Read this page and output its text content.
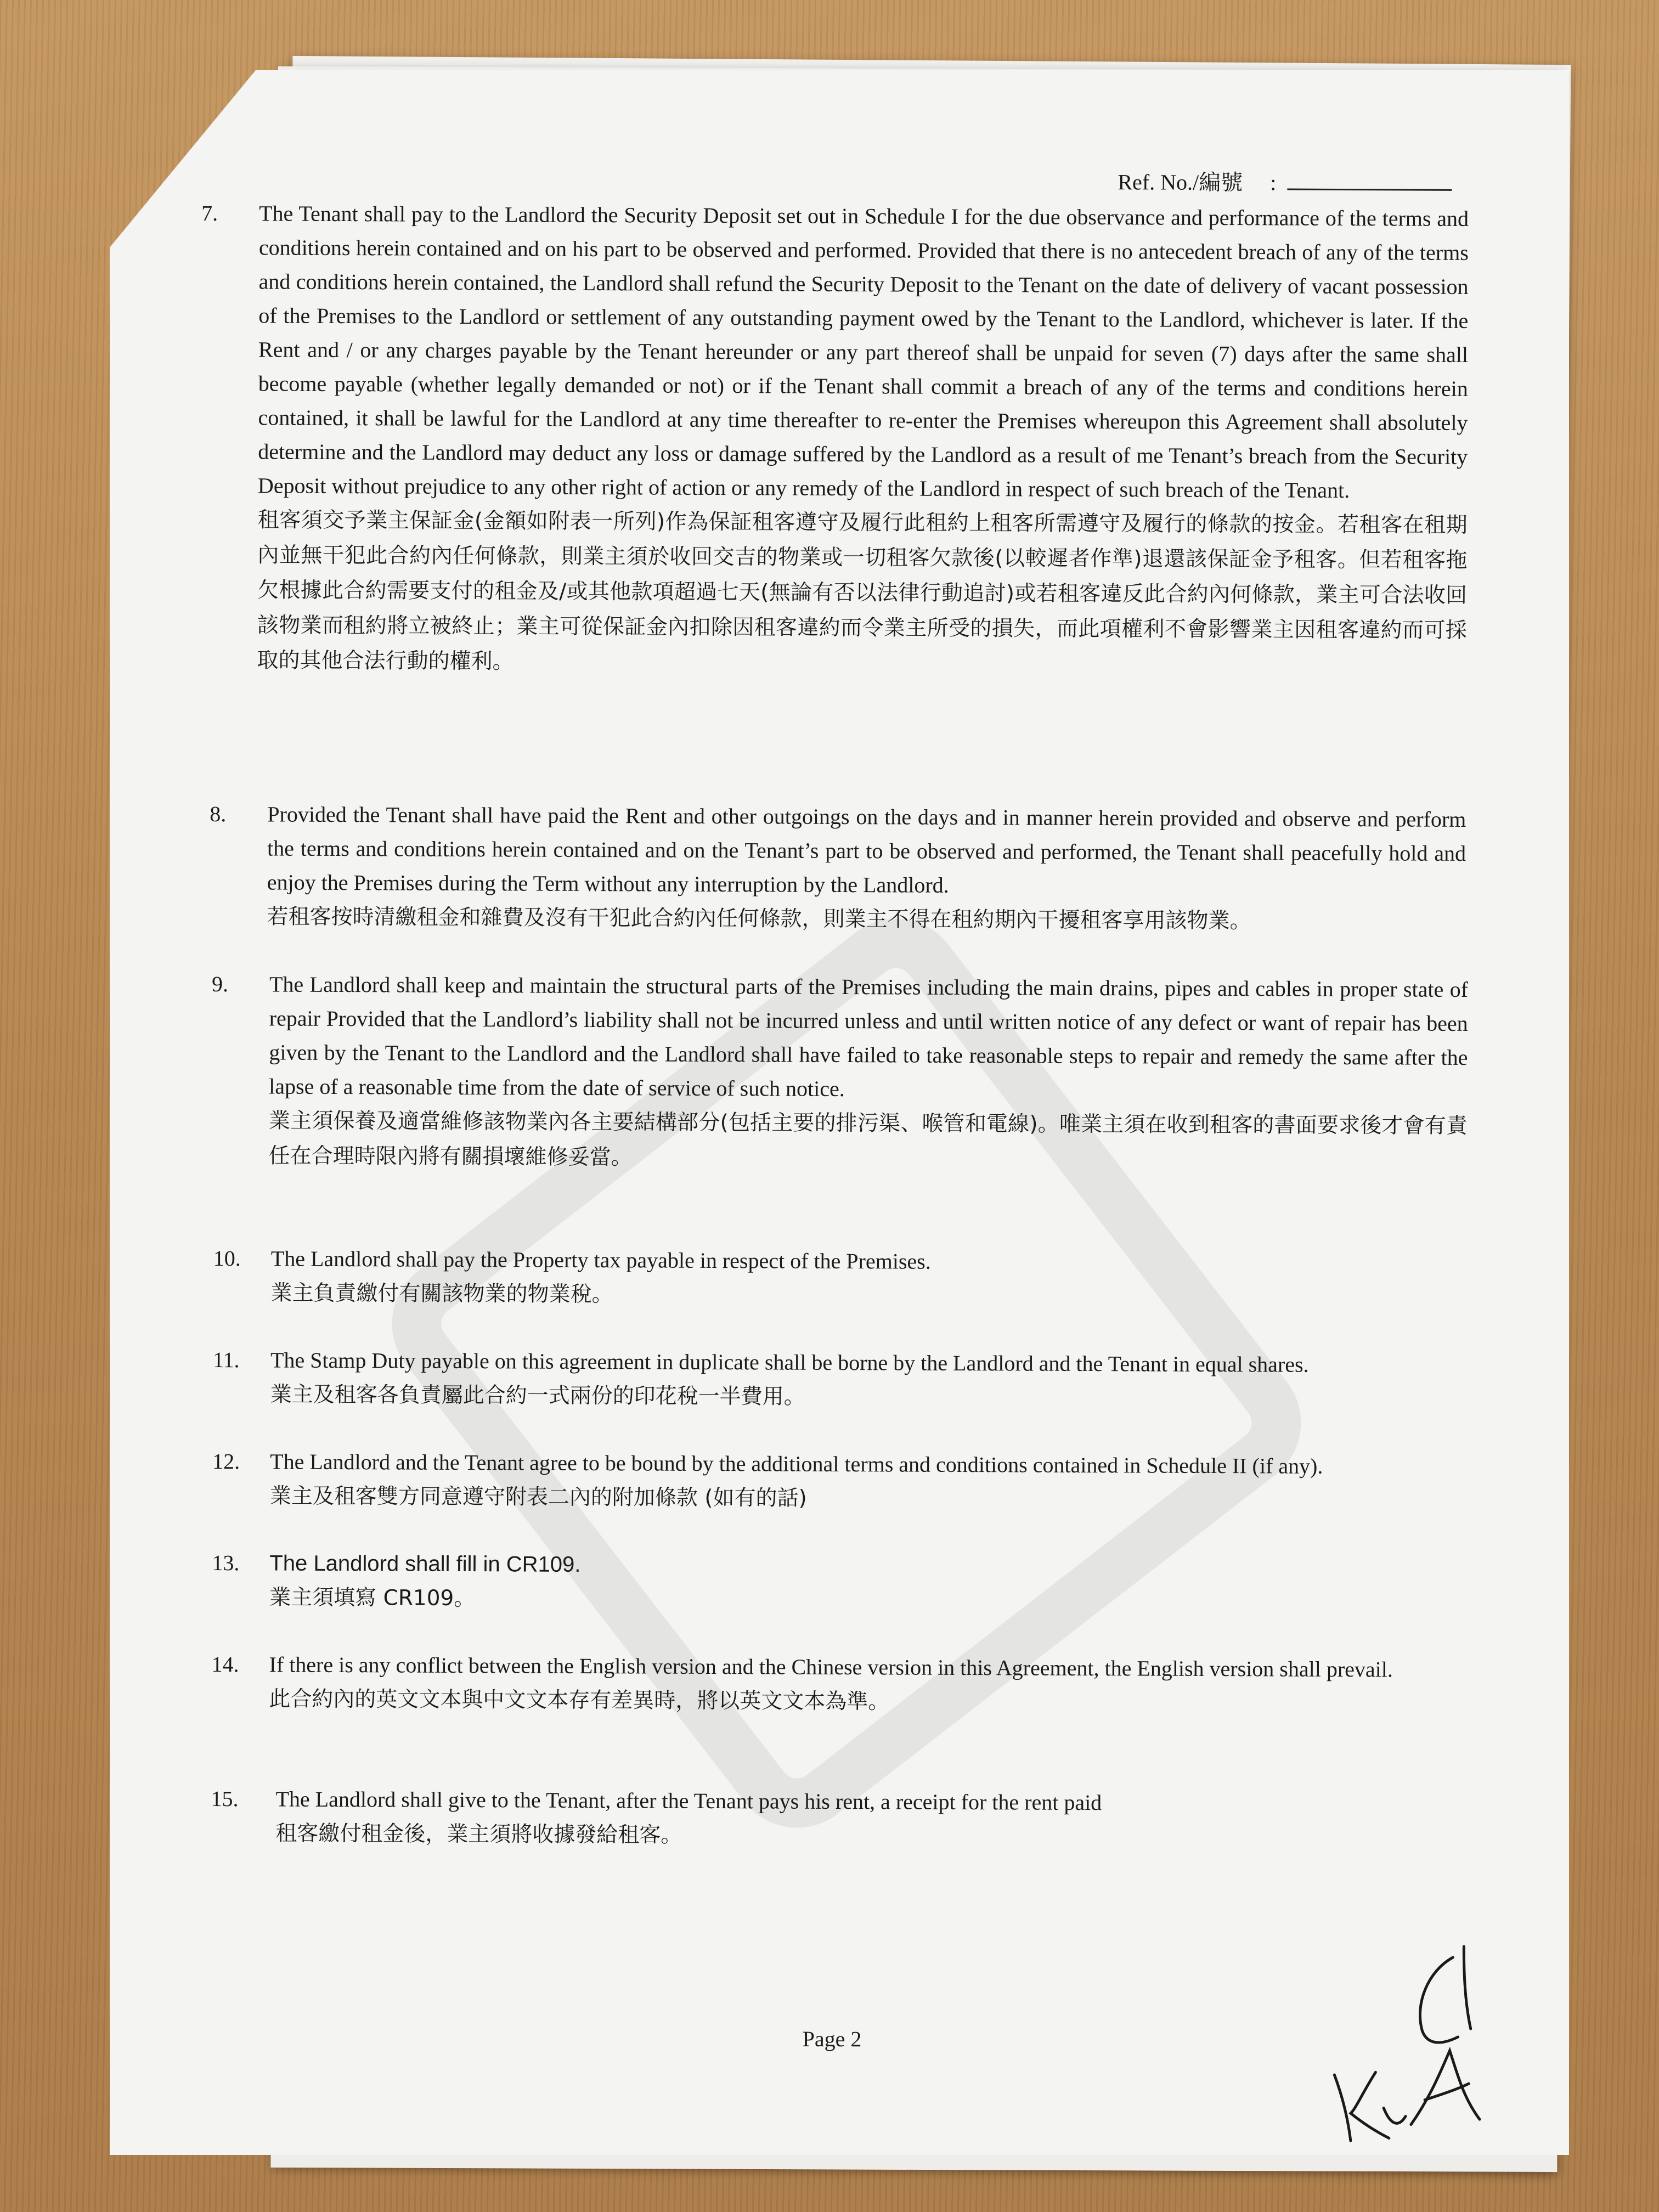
Ref. No./編號 :
7. The Tenant shall pay to the Landlord the Security Deposit set out in Schedule I for the due observance and performance of the terms and conditions herein contained and on his part to be observed and performed. Provided that there is no antecedent breach of any of the terms and conditions herein contained, the Landlord shall refund the Security Deposit to the Tenant on the date of delivery of vacant possession of the Premises to the Landlord or settlement of any outstanding payment owed by the Tenant to the Landlord, whichever is later. If the Rent and / or any charges payable by the Tenant hereunder or any part thereof shall be unpaid for seven (7) days after the same shall become payable (whether legally demanded or not) or if the Tenant shall commit a breach of any of the terms and conditions herein contained, it shall be lawful for the Landlord at any time thereafter to re-enter the Premises whereupon this Agreement shall absolutely determine and the Landlord may deduct any loss or damage suffered by the Landlord as a result of me Tenant’s breach from the Security Deposit without prejudice to any other right of action or any remedy of the Landlord in respect of such breach of the Tenant.
租客須交予業主保証金(金額如附表一所列)作為保証租客遵守及履行此租約上租客所需遵守及履行的條款的按金。若租客在租期內並無干犯此合約內任何條款，則業主須於收回交吉的物業或一切租客欠款後(以較遲者作準)退還該保証金予租客。但若租客拖欠根據此合約需要支付的租金及/或其他款項超過七天(無論有否以法律行動追討)或若租客違反此合約內何條款，業主可合法收回該物業而租約將立被終止；業主可從保証金內扣除因租客違約而令業主所受的損失，而此項權利不會影響業主因租客違約而可採取的其他合法行動的權利。
8. Provided the Tenant shall have paid the Rent and other outgoings on the days and in manner herein provided and observe and perform the terms and conditions herein contained and on the Tenant’s part to be observed and performed, the Tenant shall peacefully hold and enjoy the Premises during the Term without any interruption by the Landlord.
若租客按時清繳租金和雜費及沒有干犯此合約內任何條款，則業主不得在租約期內干擾租客享用該物業。
9. The Landlord shall keep and maintain the structural parts of the Premises including the main drains, pipes and cables in proper state of repair Provided that the Landlord’s liability shall not be incurred unless and until written notice of any defect or want of repair has been given by the Tenant to the Landlord and the Landlord shall have failed to take reasonable steps to repair and remedy the same after the lapse of a reasonable time from the date of service of such notice.
業主須保養及適當維修該物業內各主要結構部分(包括主要的排污渠、喉管和電線)。唯業主須在收到租客的書面要求後才會有責任在合理時限內將有關損壞維修妥當。
10. The Landlord shall pay the Property tax payable in respect of the Premises.
業主負責繳付有關該物業的物業稅。
11. The Stamp Duty payable on this agreement in duplicate shall be borne by the Landlord and the Tenant in equal shares.
業主及租客各負責屬此合約一式兩份的印花稅一半費用。
12. The Landlord and the Tenant agree to be bound by the additional terms and conditions contained in Schedule II (if any).
業主及租客雙方同意遵守附表二內的附加條款 (如有的話)
13. The Landlord shall fill in CR109.
業主須填寫 CR109。
14. If there is any conflict between the English version and the Chinese version in this Agreement, the English version shall prevail.
此合約內的英文文本與中文文本存有差異時，將以英文文本為準。
15. The Landlord shall give to the Tenant, after the Tenant pays his rent, a receipt for the rent paid
租客繳付租金後，業主須將收據發給租客。
Page 2
